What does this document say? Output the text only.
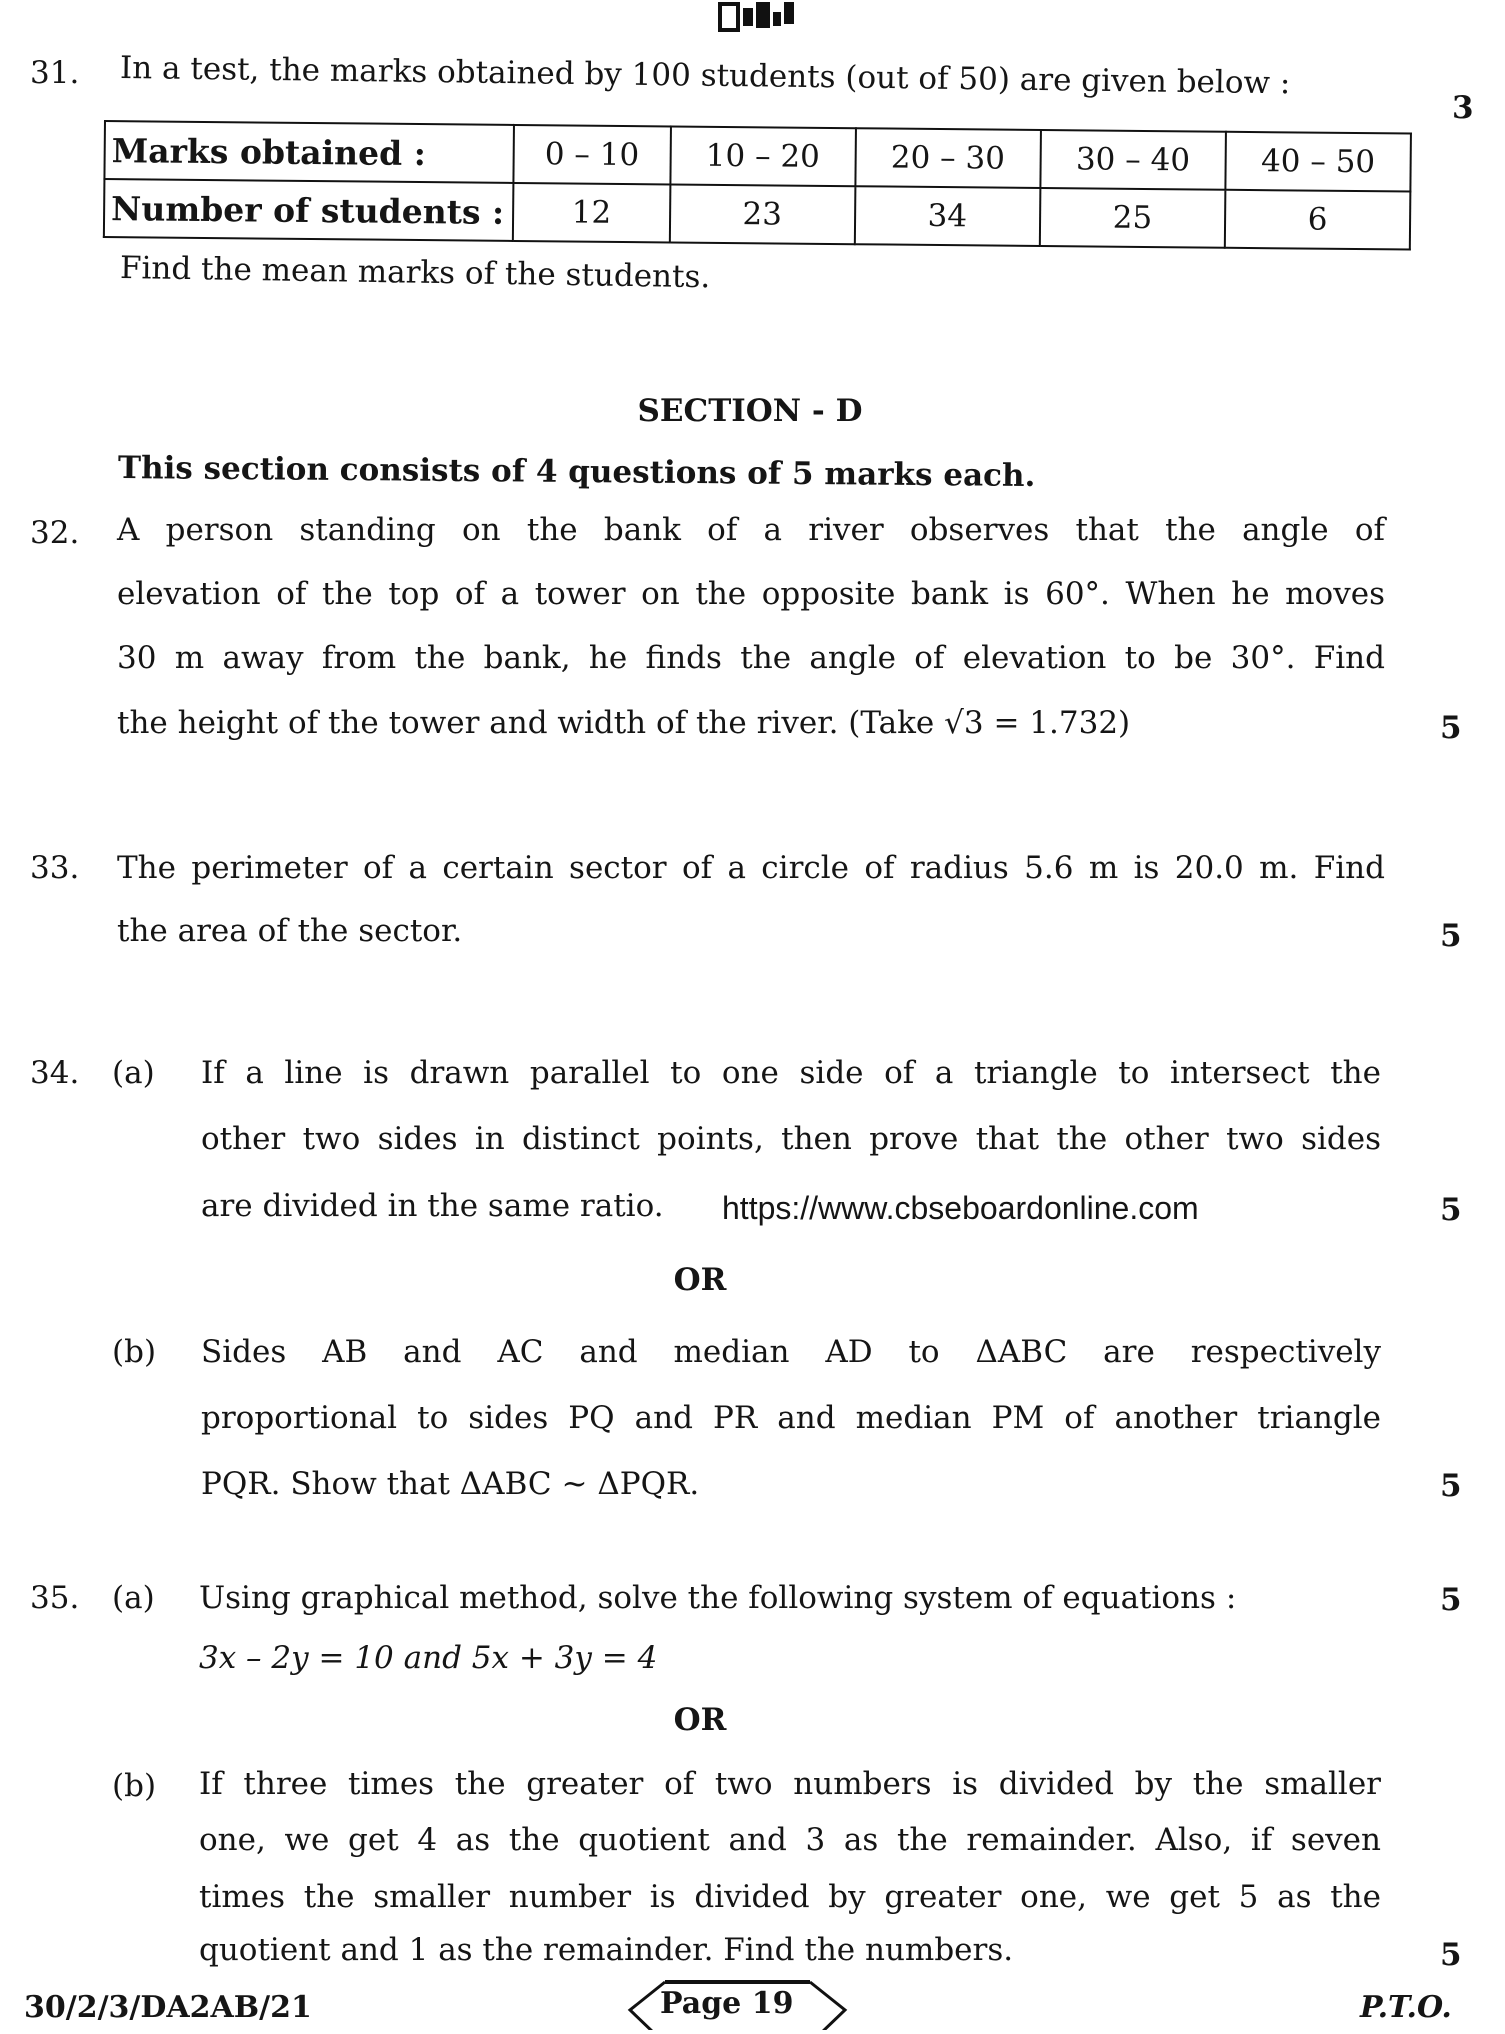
31. In a test, the marks obtained by 100 students (out of 50) are given below :
3
Marks obtained :	0 – 10	10 – 20	20 – 30	30 – 40	40 – 50
Number of students :	12	23	34	25	6
Find the mean marks of the students.
SECTION - D
This section consists of 4 questions of 5 marks each.
32. A person standing on the bank of a river observes that the angle of
elevation of the top of a tower on the opposite bank is 60°. When he moves
30 m away from the bank, he finds the angle of elevation to be 30°. Find
the height of the tower and width of the river. (Take √3 = 1.732)	5
33. The perimeter of a certain sector of a circle of radius 5.6 m is 20.0 m. Find
the area of the sector.	5
34. (a) If a line is drawn parallel to one side of a triangle to intersect the
other two sides in distinct points, then prove that the other two sides
are divided in the same ratio. https://www.cbseboardonline.com	5
OR
(b) Sides AB and AC and median AD to ΔABC are respectively
proportional to sides PQ and PR and median PM of another triangle
PQR. Show that ΔABC ~ ΔPQR.	5
35. (a) Using graphical method, solve the following system of equations :
3x – 2y = 10 and 5x + 3y = 4
5
OR
(b) If three times the greater of two numbers is divided by the smaller
one, we get 4 as the quotient and 3 as the remainder. Also, if seven
times the smaller number is divided by greater one, we get 5 as the
quotient and 1 as the remainder. Find the numbers.	5
30/2/3/DA2AB/21	Page 19	P.T.O.
